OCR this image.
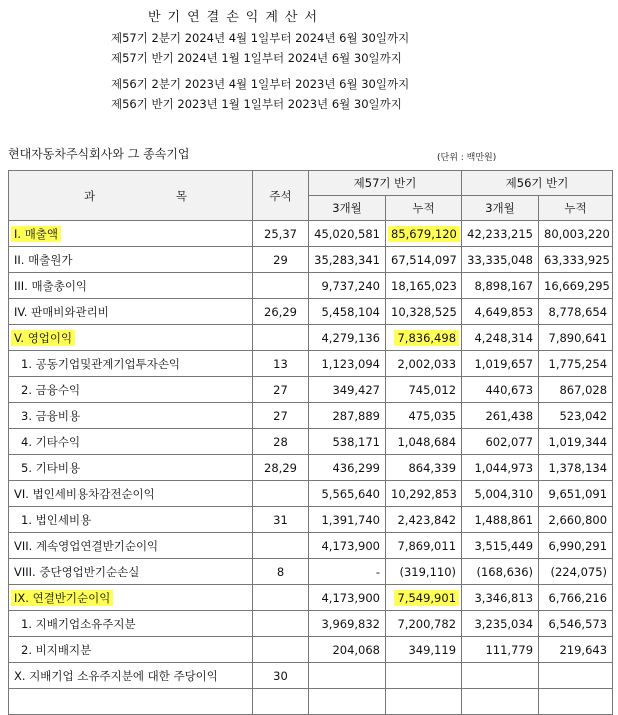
반기연결손익계산서
제57기 2분기 2024년 4월 1일부터 2024년 6월 30일까지
제57기 반기 2024년 1월 1일부터 2024년 6월 30일까지
제56기 2분기 2023년 4월 1일부터 2023년 6월 30일까지
제56기 반기 2023년 1월 1일부터 2023년 6월 30일까지
현대자동차주식회사와 그 종속기업	(단위 : 백만원)
과 목	주석	제57기 반기		제56기 반기	
		3개월	누적	3개월	누적
I. 매출액	25,37	45,020,581	85,679,120	42,233,215	80,003,220
II. 매출원가	29	35,283,341	67,514,097	33,335,048	63,333,925
III. 매출총이익		9,737,240	18,165,023	8,898,167	16,669,295
IV. 판매비와관리비	26,29	5,458,104	10,328,525	4,649,853	8,778,654
V. 영업이익		4,279,136	7,836,498	4,248,314	7,890,641
1. 공동기업및관계기업투자손익	13	1,123,094	2,002,033	1,019,657	1,775,254
2. 금융수익	27	349,427	745,012	440,673	867,028
3. 금융비용	27	287,889	475,035	261,438	523,042
4. 기타수익	28	538,171	1,048,684	602,077	1,019,344
5. 기타비용	28,29	436,299	864,339	1,044,973	1,378,134
VI. 법인세비용차감전순이익		5,565,640	10,292,853	5,004,310	9,651,091
1. 법인세비용	31	1,391,740	2,423,842	1,488,861	2,660,800
VII. 계속영업연결반기순이익		4,173,900	7,869,011	3,515,449	6,990,291
VIII. 중단영업반기순손실	8	-	(319,110)	(168,636)	(224,075)
IX. 연결반기순이익		4,173,900	7,549,901	3,346,813	6,766,216
1. 지배기업소유주지분		3,969,832	7,200,782	3,235,034	6,546,573
2. 비지배지분		204,068	349,119	111,779	219,643
X. 지배기업 소유주지분에 대한 주당이익	30				
